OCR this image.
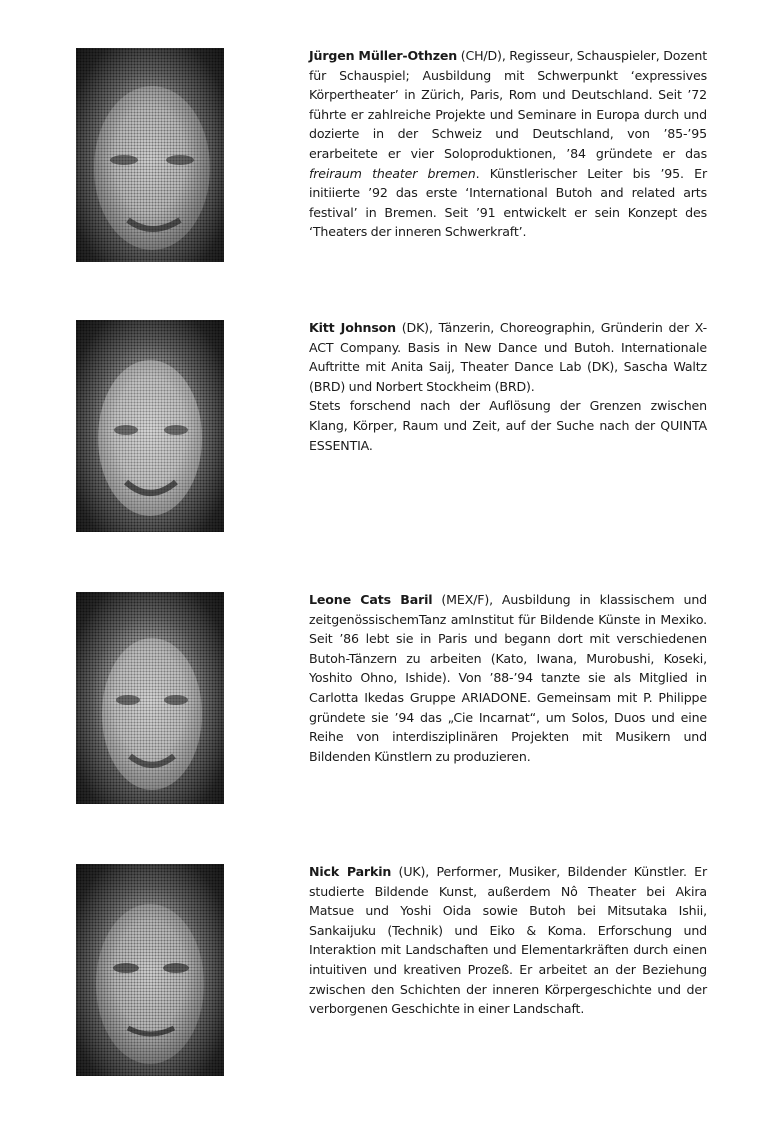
Jürgen Müller-Othzen (CH/D), Regisseur, Schauspieler, Dozent für Schauspiel; Ausbildung mit Schwerpunkt ‘expressives Körpertheater’ in Zürich, Paris, Rom und Deutschland. Seit ’72 führte er zahlreiche Projekte und Seminare in Europa durch und dozierte in der Schweiz und Deutschland, von ’85-’95 erarbeitete er vier Soloproduktionen, ’84 gründete er das freiraum theater bremen. Künstlerischer Leiter bis ’95. Er initiierte ’92 das erste ‘International Butoh and related arts festival’ in Bremen. Seit ’91 entwickelt er sein Konzept des ‘Theaters der inneren Schwerkraft’.

Kitt Johnson (DK), Tänzerin, Choreographin, Gründerin der X-ACT Company. Basis in New Dance und Butoh. Internationale Auftritte mit Anita Saij, Theater Dance Lab (DK), Sascha Waltz (BRD) und Norbert Stockheim (BRD).

Stets forschend nach der Auflösung der Grenzen zwischen Klang, Körper, Raum und Zeit, auf der Suche nach der QUINTA ESSENTIA.

Leone Cats Baril (MEX/F), Ausbildung in klassischem und zeitgenössischemTanz amInstitut für Bildende Künste in Mexiko. Seit ’86 lebt sie in Paris und begann dort mit verschiedenen Butoh-Tänzern zu arbeiten (Kato, Iwana, Murobushi, Koseki, Yoshito Ohno, Ishide). Von ’88-’94 tanzte sie als Mitglied in Carlotta Ikedas Gruppe ARIADONE. Gemeinsam mit P. Philippe gründete sie ’94 das „Cie Incarnat“, um Solos, Duos und eine Reihe von interdisziplinären Projekten mit Musikern und Bildenden Künstlern zu produzieren.

Nick Parkin (UK), Performer, Musiker, Bildender Künstler. Er studierte Bildende Kunst, außerdem Nô Theater bei Akira Matsue und Yoshi Oida sowie Butoh bei Mitsutaka Ishii, Sankaijuku (Technik) und Eiko & Koma. Erforschung und Interaktion mit Landschaften und Elementarkräften durch einen intuitiven und kreativen Prozeß. Er arbeitet an der Beziehung zwischen den Schichten der inneren Körpergeschichte und der verborgenen Geschichte in einer Landschaft.
